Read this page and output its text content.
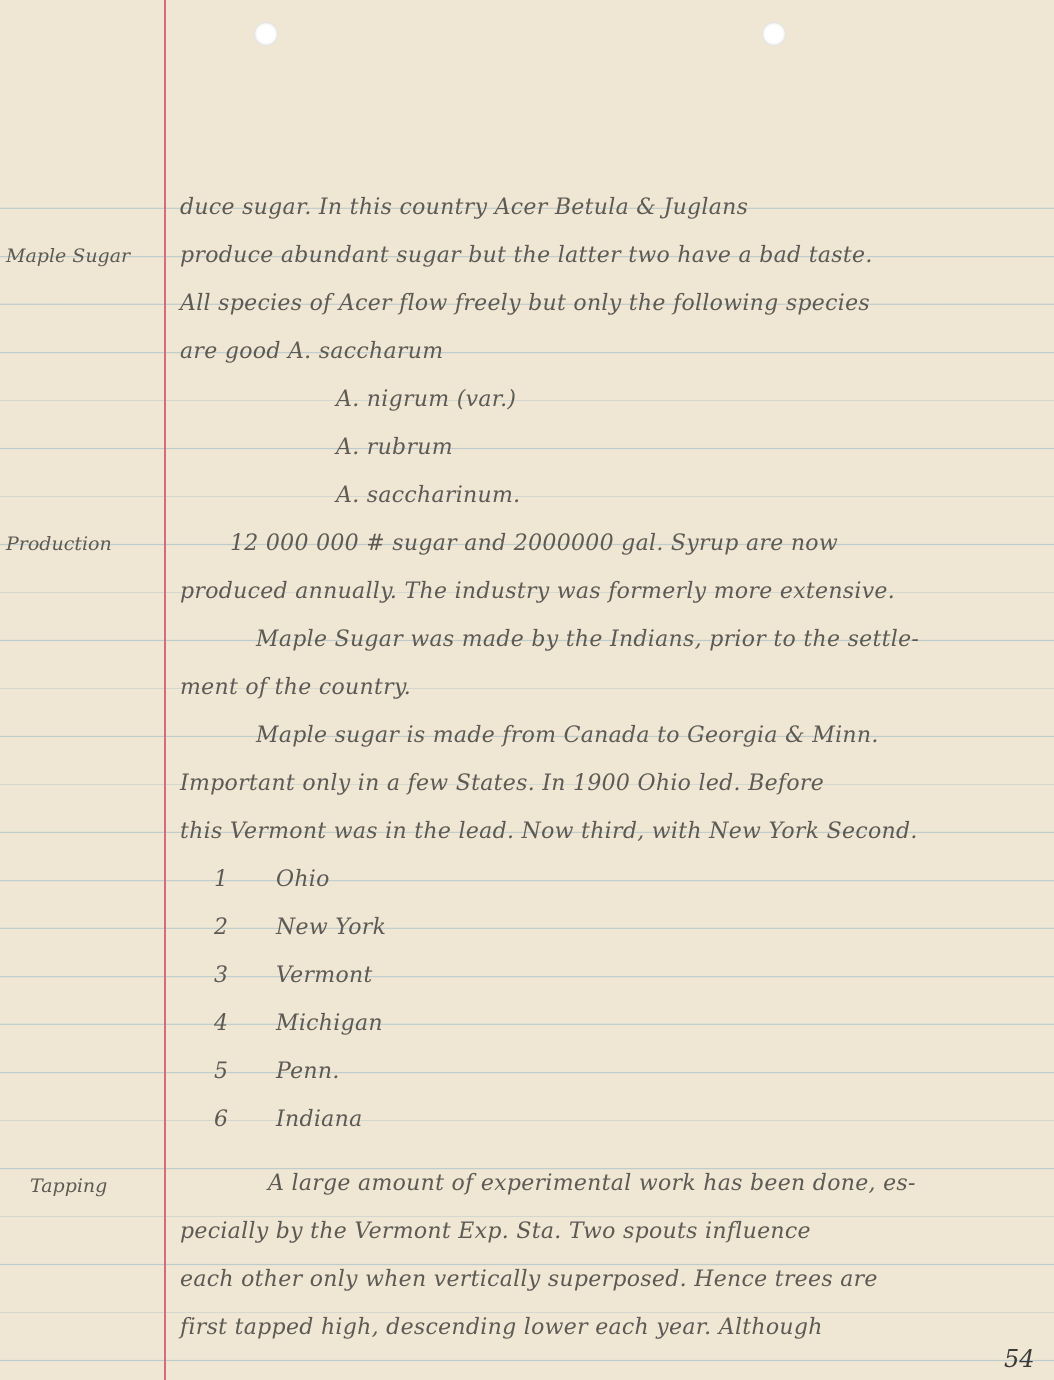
Maple Sugar
Production
Tapping
duce sugar. In this country Acer Betula & Juglans
produce abundant sugar but the latter two have a bad taste.
All species of Acer flow freely but only the following species
are good A. saccharum
A. nigrum (var.)
A. rubrum
A. saccharinum.
12 000 000 # sugar and 2000000 gal. Syrup are now
produced annually. The industry was formerly more extensive.
Maple Sugar was made by the Indians, prior to the settle-
ment of the country.
Maple sugar is made from Canada to Georgia & Minn.
Important only in a few States. In 1900 Ohio led. Before
this Vermont was in the lead. Now third, with New York Second.
1	Ohio
2	New York
3	Vermont
4	Michigan
5	Penn.
6	Indiana
A large amount of experimental work has been done, es-
pecially by the Vermont Exp. Sta. Two spouts influence
each other only when vertically superposed. Hence trees are
first tapped high, descending lower each year. Although
54
